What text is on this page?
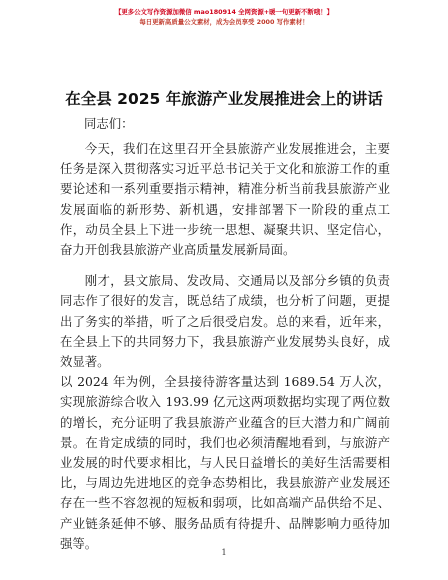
【更多公文写作资源加微信 mao180914 全网资源+暖一句更新不断哦！】
每日更新高质量公文素材，成为会员享受 2000 写作素材！
在全县 2025 年旅游产业发展推进会上的讲话
同志们：

今天，我们在这里召开全县旅游产业发展推进会，主要任务是深入贯彻落实习近平总书记关于文化和旅游工作的重要论述和一系列重要指示精神，精准分析当前我县旅游产业发展面临的新形势、新机遇，安排部署下一阶段的重点工作，动员全县上下进一步统一思想、凝聚共识、坚定信心，奋力开创我县旅游产业高质量发展新局面。

刚才，县文旅局、发改局、交通局以及部分乡镇的负责同志作了很好的发言，既总结了成绩，也分析了问题，更提出了务实的举措，听了之后很受启发。总的来看，近年来，在全县上下的共同努力下，我县旅游产业发展势头良好，成效显著。

以 2024 年为例，全县接待游客量达到 1689.54 万人次，实现旅游综合收入 193.99 亿元这两项数据均实现了两位数的增长，充分证明了我县旅游产业蕴含的巨大潜力和广阔前景。在肯定成绩的同时，我们也必须清醒地看到，与旅游产业发展的时代要求相比，与人民日益增长的美好生活需要相比，与周边先进地区的竞争态势相比，我县旅游产业发展还存在一些不容忽视的短板和弱项，比如高端产品供给不足、产业链条延伸不够、服务品质有待提升、品牌影响力亟待加强等。

1
